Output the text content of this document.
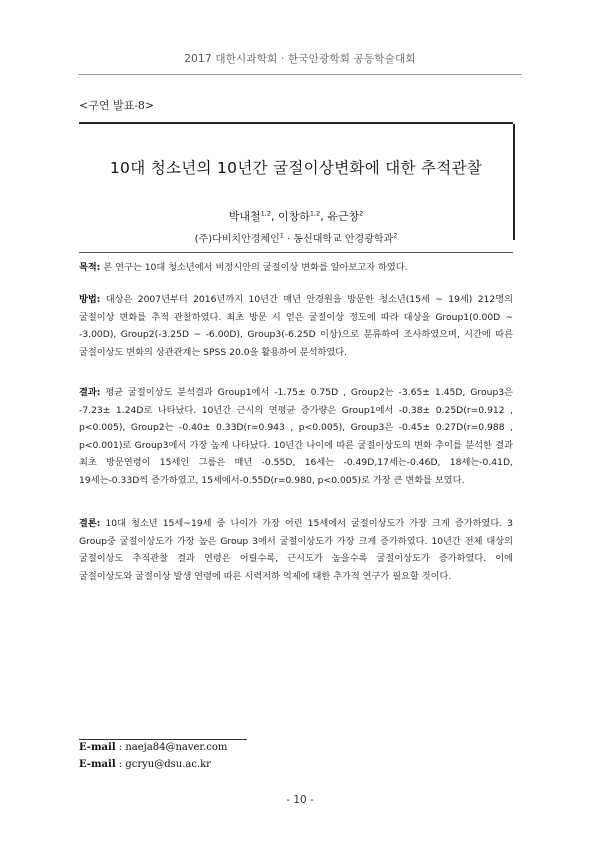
2017 대한시과학회 · 한국안광학회 공동학술대회
<구연 발표-8>
10대 청소년의 10년간 굴절이상변화에 대한 추적관찰
박내철$^{1,2}$, 이창하$^{1,2}$, 유근창$^2$
(주)다비치안경체인$^1$ · 동신대학교 안경광학과$^2$
목적: 본 연구는 10대 청소년에서 비정시안의 굴절이상 변화를 알아보고자 하였다.
방법: 대상은 2007년부터 2016년까지 10년간 매년 안경원을 방문한 청소년(15세 ~ 19세) 212명의 굴절이상 변화를 추적 관찰하였다. 최초 방문 시 얻은 굴절이상 정도에 따라 대상을 Group1(0.00D ~ -3.00D), Group2(-3.25D ~ -6.00D), Group3(-6.25D 이상)으로 분류하여 조사하였으며, 시간에 따른 굴절이상도 변화의 상관관계는 SPSS 20.0을 활용하여 분석하였다.
결과: 평균 굴절이상도 분석결과 Group1에서 -1.75± 0.75D , Group2는 -3.65± 1.45D, Group3은 -7.23± 1.24D로 나타났다. 10년간 근시의 연평균 증가량은 Group1에서 -0.38± 0.25D(r=0.912 , p<0.005), Group2는 -0.40± 0.33D(r=0.943 , p<0.005), Group3은 -0.45± 0.27D(r=0.988 , p<0.001)로 Group3에서 가장 높게 나타났다. 10년간 나이에 따른 굴절이상도의 변화 추이를 분석한 결과 최초 방문연령이 15세인 그룹은 매년 -0.55D, 16세는 -0.49D,17세는-0.46D, 18세는-0.41D, 19세는-0.33D씩 증가하였고, 15세에서-0.55D(r=0.980, p<0.005)로 가장 큰 변화를 보였다.
결론: 10대 청소년 15세~19세 중 나이가 가장 어린 15세에서 굴절이상도가 가장 크게 증가하였다. 3 Group중 굴절이상도가 가장 높은 Group 3에서 굴절이상도가 가장 크게 증가하였다. 10년간 전체 대상의 굴절이상도 추적관찰 결과 연령은 어릴수록, 근시도가 높을수록 굴절이상도가 증가하였다. 이에 굴절이상도와 굴절이상 발생 연령에 따른 시력저하 억제에 대한 추가적 연구가 필요할 것이다.
E-mail : naeja84@naver.com
E-mail : gcryu@dsu.ac.kr
- 10 -
